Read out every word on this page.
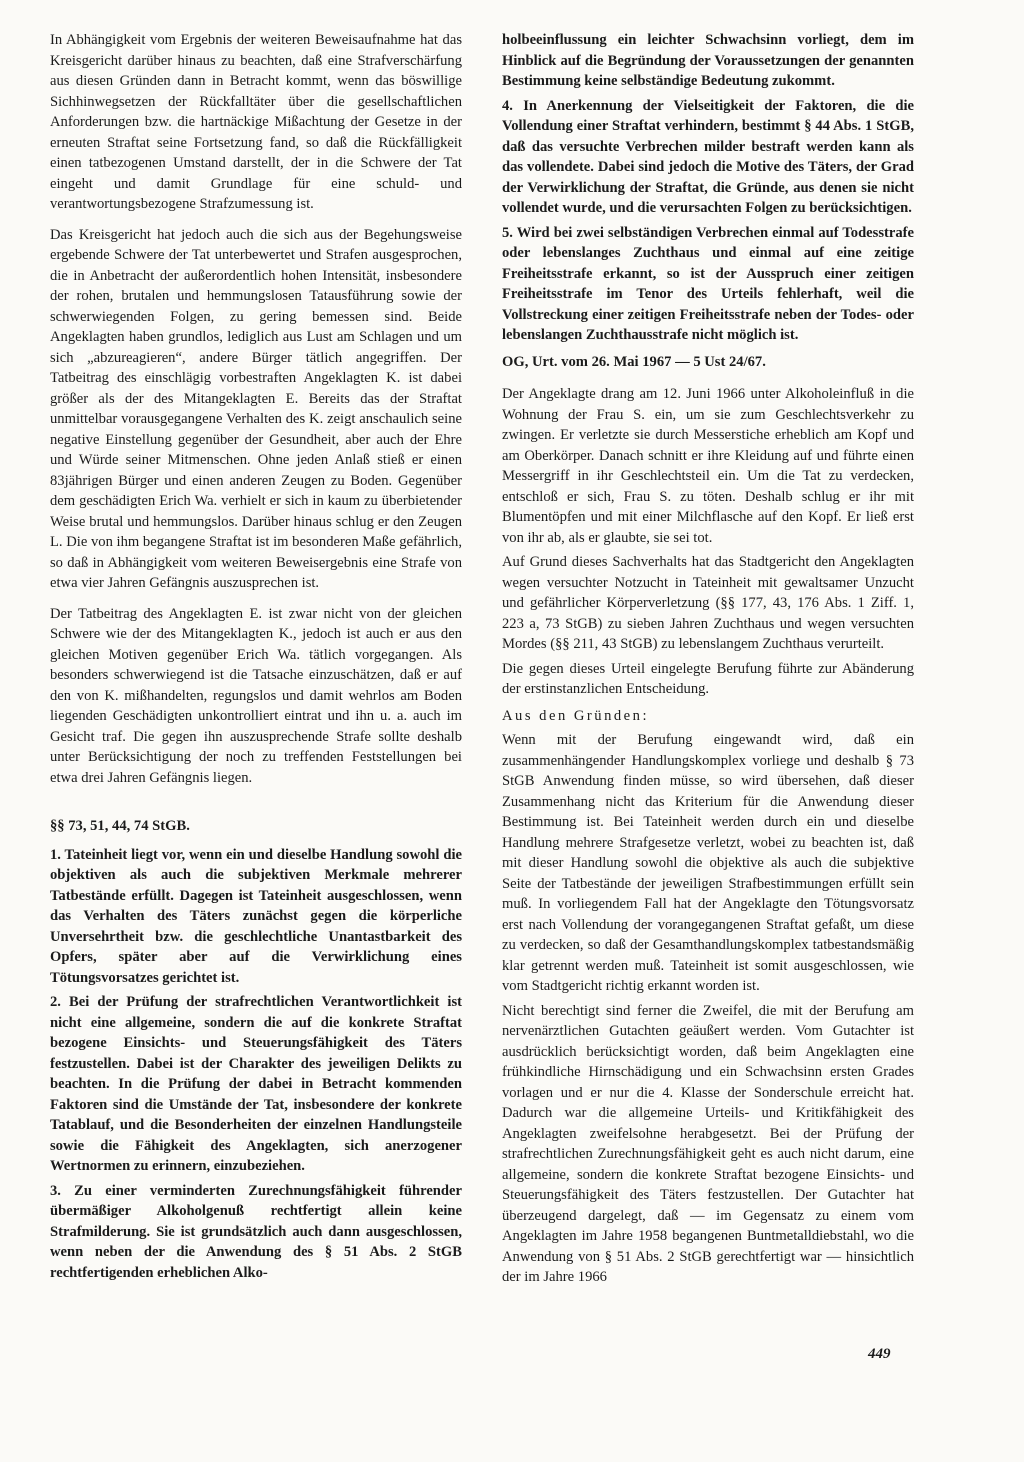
In Abhängigkeit vom Ergebnis der weiteren Beweisaufnahme hat das Kreisgericht darüber hinaus zu beachten, daß eine Strafverschärfung aus diesen Gründen dann in Betracht kommt, wenn das böswillige Sichhinwegsetzen der Rückfalltäter über die gesellschaftlichen Anforderungen bzw. die hartnäckige Mißachtung der Gesetze in der erneuten Straftat seine Fortsetzung fand, so daß die Rückfälligkeit einen tatbezogenen Umstand darstellt, der in die Schwere der Tat eingeht und damit Grundlage für eine schuld- und verantwortungsbezogene Strafzumessung ist.

Das Kreisgericht hat jedoch auch die sich aus der Begehungsweise ergebende Schwere der Tat unterbewertet und Strafen ausgesprochen, die in Anbetracht der außerordentlich hohen Intensität, insbesondere der rohen, brutalen und hemmungslosen Tatausführung sowie der schwerwiegenden Folgen, zu gering bemessen sind. Beide Angeklagten haben grundlos, lediglich aus Lust am Schlagen und um sich „abzureagieren“, andere Bürger tätlich angegriffen. Der Tatbeitrag des einschlägig vorbestraften Angeklagten K. ist dabei größer als der des Mitangeklagten E. Bereits das der Straftat unmittelbar vorausgegangene Verhalten des K. zeigt anschaulich seine negative Einstellung gegenüber der Gesundheit, aber auch der Ehre und Würde seiner Mitmenschen. Ohne jeden Anlaß stieß er einen 83jährigen Bürger und einen anderen Zeugen zu Boden. Gegenüber dem geschädigten Erich Wa. verhielt er sich in kaum zu überbietender Weise brutal und hemmungslos. Darüber hinaus schlug er den Zeugen L. Die von ihm begangene Straftat ist im besonderen Maße gefährlich, so daß in Abhängigkeit vom weiteren Beweisergebnis eine Strafe von etwa vier Jahren Gefängnis auszusprechen ist.

Der Tatbeitrag des Angeklagten E. ist zwar nicht von der gleichen Schwere wie der des Mitangeklagten K., jedoch ist auch er aus den gleichen Motiven gegenüber Erich Wa. tätlich vorgegangen. Als besonders schwerwiegend ist die Tatsache einzuschätzen, daß er auf den von K. mißhandelten, regungslos und damit wehrlos am Boden liegenden Geschädigten unkontrolliert eintrat und ihn u. a. auch im Gesicht traf. Die gegen ihn auszusprechende Strafe sollte deshalb unter Berücksichtigung der noch zu treffenden Feststellungen bei etwa drei Jahren Gefängnis liegen.

§§ 73, 51, 44, 74 StGB.

1. Tateinheit liegt vor, wenn ein und dieselbe Handlung sowohl die objektiven als auch die subjektiven Merkmale mehrerer Tatbestände erfüllt. Dagegen ist Tateinheit ausgeschlossen, wenn das Verhalten des Täters zunächst gegen die körperliche Unversehrtheit bzw. die geschlechtliche Unantastbarkeit des Opfers, später aber auf die Verwirklichung eines Tötungsvorsatzes gerichtet ist.

2. Bei der Prüfung der strafrechtlichen Verantwortlichkeit ist nicht eine allgemeine, sondern die auf die konkrete Straftat bezogene Einsichts- und Steuerungsfähigkeit des Täters festzustellen. Dabei ist der Charakter des jeweiligen Delikts zu beachten. In die Prüfung der dabei in Betracht kommenden Faktoren sind die Umstände der Tat, insbesondere der konkrete Tatablauf, und die Besonderheiten der einzelnen Handlungsteile sowie die Fähigkeit des Angeklagten, sich anerzogener Wertnormen zu erinnern, einzubeziehen.

3. Zu einer verminderten Zurechnungsfähigkeit führender übermäßiger Alkoholgenuß rechtfertigt allein keine Strafmilderung. Sie ist grundsätzlich auch dann ausgeschlossen, wenn neben der die Anwendung des § 51 Abs. 2 StGB rechtfertigenden erheblichen Alko-

holbeeinflussung ein leichter Schwachsinn vorliegt, dem im Hinblick auf die Begründung der Voraussetzungen der genannten Bestimmung keine selbständige Bedeutung zukommt.

4. In Anerkennung der Vielseitigkeit der Faktoren, die die Vollendung einer Straftat verhindern, bestimmt § 44 Abs. 1 StGB, daß das versuchte Verbrechen milder bestraft werden kann als das vollendete. Dabei sind jedoch die Motive des Täters, der Grad der Verwirklichung der Straftat, die Gründe, aus denen sie nicht vollendet wurde, und die verursachten Folgen zu berücksichtigen.

5. Wird bei zwei selbständigen Verbrechen einmal auf Todesstrafe oder lebenslanges Zuchthaus und einmal auf eine zeitige Freiheitsstrafe erkannt, so ist der Ausspruch einer zeitigen Freiheitsstrafe im Tenor des Urteils fehlerhaft, weil die Vollstreckung einer zeitigen Freiheitsstrafe neben der Todes- oder lebenslangen Zuchthausstrafe nicht möglich ist.

OG, Urt. vom 26. Mai 1967 — 5 Ust 24/67.

Der Angeklagte drang am 12. Juni 1966 unter Alkoholeinfluß in die Wohnung der Frau S. ein, um sie zum Geschlechtsverkehr zu zwingen. Er verletzte sie durch Messerstiche erheblich am Kopf und am Oberkörper. Danach schnitt er ihre Kleidung auf und führte einen Messergriff in ihr Geschlechtsteil ein. Um die Tat zu verdecken, entschloß er sich, Frau S. zu töten. Deshalb schlug er ihr mit Blumentöpfen und mit einer Milchflasche auf den Kopf. Er ließ erst von ihr ab, als er glaubte, sie sei tot.

Auf Grund dieses Sachverhalts hat das Stadtgericht den Angeklagten wegen versuchter Notzucht in Tateinheit mit gewaltsamer Unzucht und gefährlicher Körperverletzung (§§ 177, 43, 176 Abs. 1 Ziff. 1, 223 a, 73 StGB) zu sieben Jahren Zuchthaus und wegen versuchten Mordes (§§ 211, 43 StGB) zu lebenslangem Zuchthaus verurteilt.

Die gegen dieses Urteil eingelegte Berufung führte zur Abänderung der erstinstanzlichen Entscheidung.

Aus den Gründen:

Wenn mit der Berufung eingewandt wird, daß ein zusammenhängender Handlungskomplex vorliege und deshalb § 73 StGB Anwendung finden müsse, so wird übersehen, daß dieser Zusammenhang nicht das Kriterium für die Anwendung dieser Bestimmung ist. Bei Tateinheit werden durch ein und dieselbe Handlung mehrere Strafgesetze verletzt, wobei zu beachten ist, daß mit dieser Handlung sowohl die objektive als auch die subjektive Seite der Tatbestände der jeweiligen Strafbestimmungen erfüllt sein muß. In vorliegendem Fall hat der Angeklagte den Tötungsvorsatz erst nach Vollendung der vorangegangenen Straftat gefaßt, um diese zu verdecken, so daß der Gesamthandlungskomplex tatbestandsmäßig klar getrennt werden muß. Tateinheit ist somit ausgeschlossen, wie vom Stadtgericht richtig erkannt worden ist.

Nicht berechtigt sind ferner die Zweifel, die mit der Berufung am nervenärztlichen Gutachten geäußert werden. Vom Gutachter ist ausdrücklich berücksichtigt worden, daß beim Angeklagten eine frühkindliche Hirnschädigung und ein Schwachsinn ersten Grades vorlagen und er nur die 4. Klasse der Sonderschule erreicht hat. Dadurch war die allgemeine Urteils- und Kritikfähigkeit des Angeklagten zweifelsohne herabgesetzt. Bei der Prüfung der strafrechtlichen Zurechnungsfähigkeit geht es auch nicht darum, eine allgemeine, sondern die konkrete Straftat bezogene Einsichts- und Steuerungsfähigkeit des Täters festzustellen. Der Gutachter hat überzeugend dargelegt, daß — im Gegensatz zu einem vom Angeklagten im Jahre 1958 begangenen Buntmetalldiebstahl, wo die Anwendung von § 51 Abs. 2 StGB gerechtfertigt war — hinsichtlich der im Jahre 1966

449
